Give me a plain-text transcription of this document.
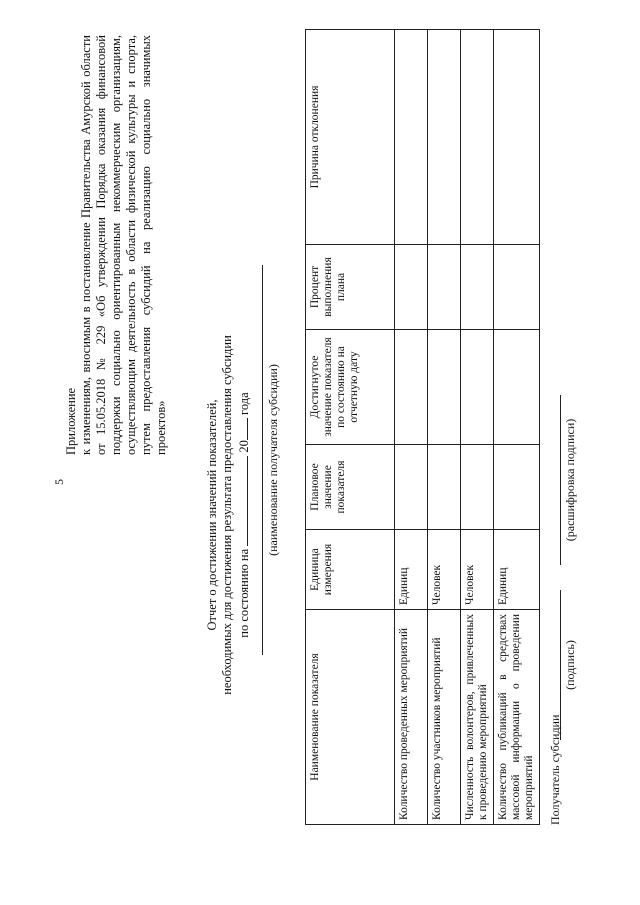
5
Приложение к изменениям, вносимым в постановление Правительства Амурской области от 15.05.2018 № 229 «Об утверждении Порядка оказания финансовой поддержки социально ориентированным некоммерческим организациям, осуществляющим деятельность в области физической культуры и спорта, путем предоставления субсидий на реализацию социально значимых проектов»	Отчет о достижении значений показателей, необходимых для достижения результата предоставления субсидии по состоянию на  20 года (наименование получателя субсидии)
Наименование показателя	Единица измерения	Плановое значение показателя	Достигнутое значение показателя по состоянию на отчетную дату	Процент выполнения плана	Причина отклонения
Количество проведенных мероприятий	Единиц				
Количество участников мероприятий	Человек				
Численность волонтеров, привлеченных к проведению мероприятий	Человек				
Количество публикаций в средствах массовой информации о проведении мероприятий	Единиц				
Получатель субсидии
(подпись)
(расшифровка подписи)
